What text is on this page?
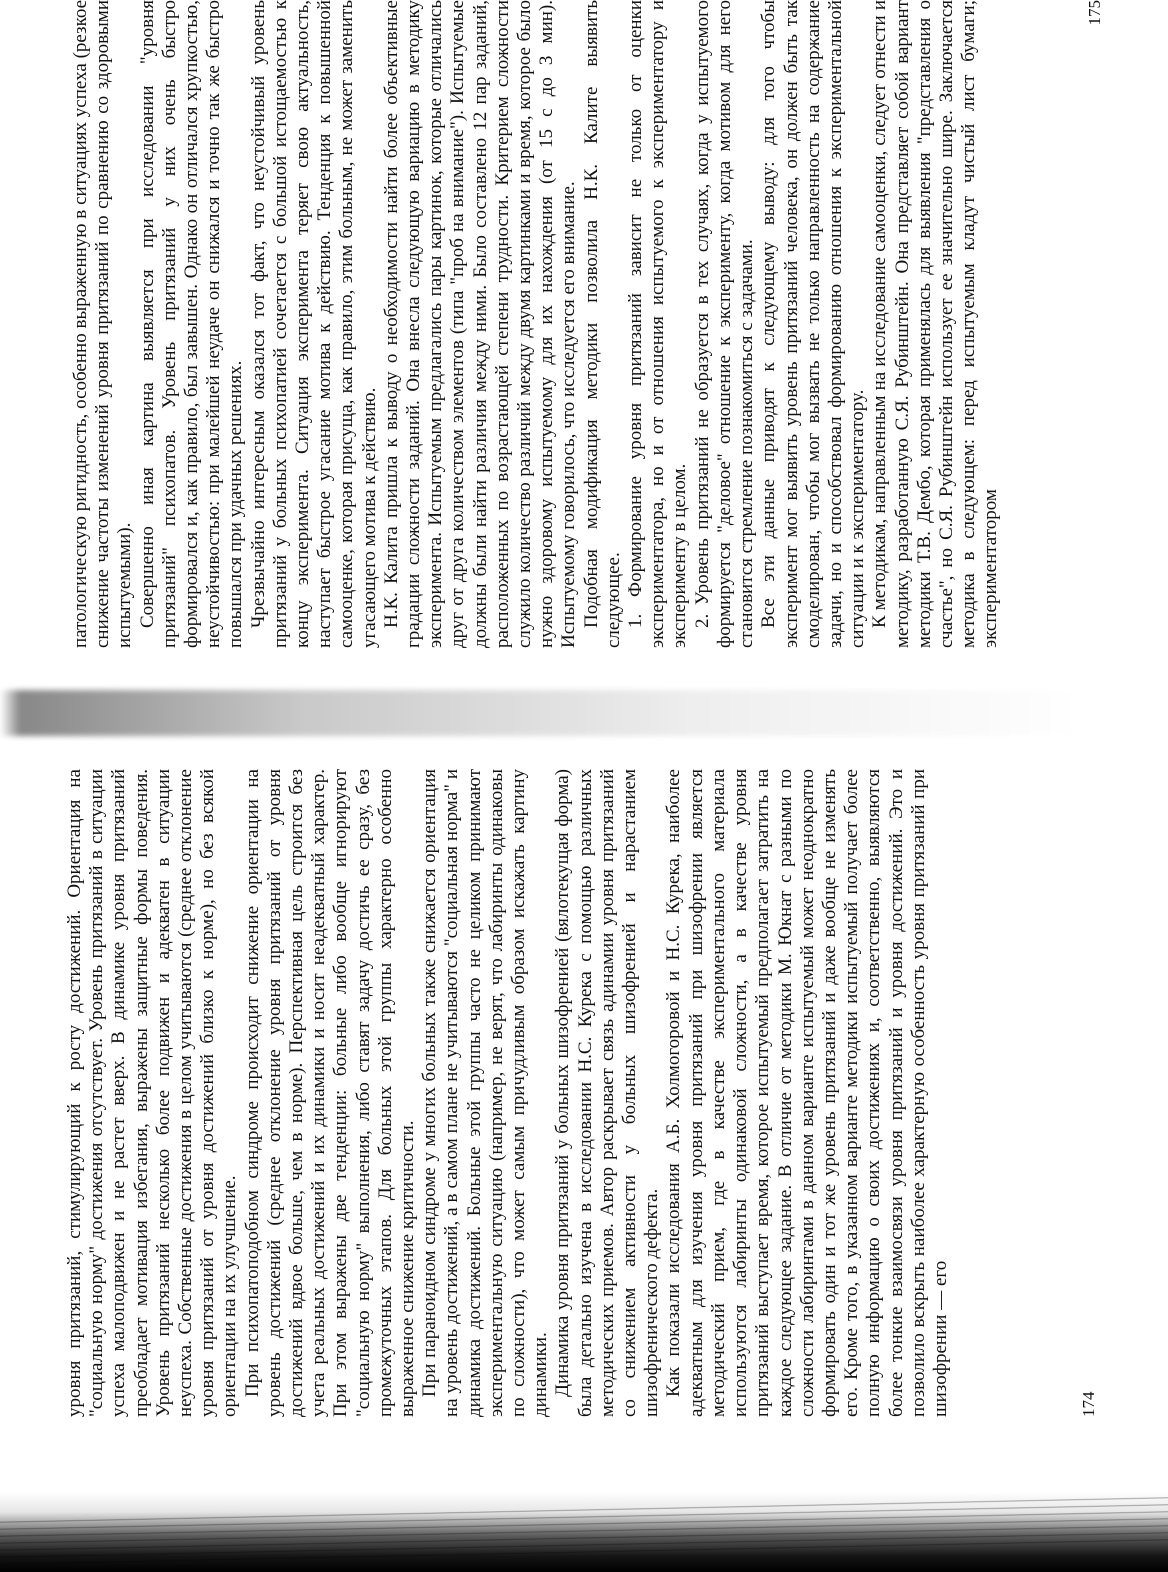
патологическую ригидность, особенно выраженную в ситуациях успеха (резкое снижение частоты изменений уровня притязаний по сравнению со здоровыми испытуемыми). Совершенно иная картина выявляется при исследовании "уровня притязаний" психопатов. Уровень притязаний у них очень быстро формировался и, как правило, был завышен. Однако он отличался хрупкостью, неустойчивостью: при малейшей неудаче он снижался и точно так же быстро повышался при удачных решениях. Чрезвычайно интересным оказался тот факт, что неустойчивый уровень притязаний у больных психопатией сочетается с большой истощаемостью к концу эксперимента. Ситуация эксперимента теряет свою актуальность, наступает быстрое угасание мотива к действию. Тенденция к повышенной самооценке, которая присуща, как правило, этим больным, не может заменить угасающего мотива к действию. Н.К. Калита пришла к выводу о необходимости найти более объективные градации сложности заданий. Она внесла следующую вариацию в методику эксперимента. Испытуемым предлагались пары картинок, которые отличались друг от друга количеством элементов (типа "проб на внимание"). Испытуемые должны были найти различия между ними. Было составлено 12 пар заданий, расположенных по возрастающей степени трудности. Критерием сложности служило количество различий между двумя картинками и время, которое было нужно здоровому испытуемому для их нахождения (от 15 с до 3 мин). Испытуемому говорилось, что исследуется его внимание. Подобная модификация методики позволила Н.К. Калите выявить следующее. 1. Формирование уровня притязаний зависит не только от оценки экспериментатора, но и от отношения испытуемого к экспериментатору и эксперименту в целом. 2. Уровень притязаний не образуется в тех случаях, когда у испытуемого формируется "деловое" отношение к эксперименту, когда мотивом для него становится стремление познакомиться с задачами. Все эти данные приводят к следующему выводу: для того чтобы эксперимент мог выявить уровень притязаний человека, он должен быть так смоделирован, чтобы мог вызвать не только направленность на содержание задачи, но и способствовал формированию отношения к экспериментальной ситуации и к экспериментатору. К методикам, направленным на исследование самооценки, следует отнести и методику, разработанную С.Я. Рубинштейн. Она представляет собой вариант методики Т.В. Дембо, которая применялась для выявления "представления о счастье", но С.Я. Рубинштейн использует ее значительно шире. Заключается методика в следующем: перед испытуемым кладут чистый лист бумаги; экспериментатором

175

уровня притязаний, стимулирующий к росту достижений. Ориентация на "социальную норму" достижения отсутствует. Уровень притязаний в ситуации успеха малоподвижен и не растет вверх. В динамике уровня притязаний преобладает мотивация избегания, выражены защитные формы поведения. Уровень притязаний несколько более подвижен и адекватен в ситуации неуспеха. Собственные достижения в целом учитываются (среднее отклонение уровня притязаний от уровня достижений близко к норме), но без всякой ориентации на их улучшение. При психопатоподобном синдроме происходит снижение ориентации на уровень достижений (среднее отклонение уровня притязаний от уровня достижений вдвое больше, чем в норме). Перспективная цель строится без учета реальных достижений и их динамики и носит неадекватный характер. При этом выражены две тенденции: больные либо вообще игнорируют "социальную норму" выполнения, либо ставят задачу достичь ее сразу, без промежуточных этапов. Для больных этой группы характерно особенно выраженное снижение критичности. При параноидном синдроме у многих больных также снижается ориентация на уровень достижений, а в самом плане не учитываются "социальная норма" и динамика достижений. Больные этой группы часто не целиком принимают экспериментальную ситуацию (например, не верят, что лабиринты одинаковы по сложности), что может самым причудливым образом искажать картину динамики. Динамика уровня притязаний у больных шизофренией (вялотекущая форма) была детально изучена в исследовании Н.С. Курека с помощью различных методических приемов. Автор раскрывает связь адинамии уровня притязаний со снижением активности у больных шизофренией и нарастанием шизофренического дефекта. Как показали исследования А.Б. Холмогоровой и Н.С. Курека, наиболее адекватным для изучения уровня притязаний при шизофрении является методический прием, где в качестве экспериментального материала используются лабиринты одинаковой сложности, а в качестве уровня притязаний выступает время, которое испытуемый предполагает затратить на каждое следующее задание. В отличие от методики М. Юкнат с разными по сложности лабиринтами в данном варианте испытуемый может неоднократно формировать один и тот же уровень притязаний и даже вообще не изменять его. Кроме того, в указанном варианте методики испытуемый получает более полную информацию о своих достижениях и, соответственно, выявляются более тонкие взаимосвязи уровня притязаний и уровня достижений. Это и позволило вскрыть наиболее характерную особенность уровня притязаний при шизофрении — его	174
